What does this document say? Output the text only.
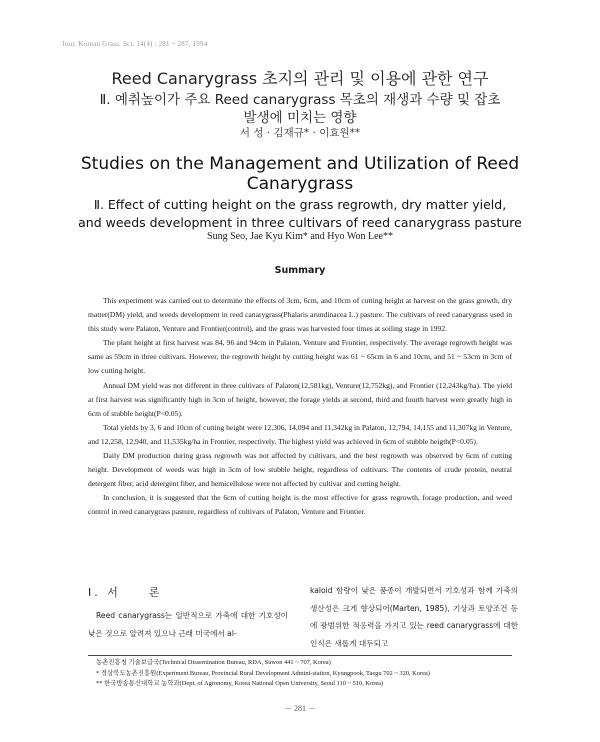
Jour. Korean Grass. Sci. 14(4) : 281 ~ 287, 1994
Reed Canarygrass 초지의 관리 및 이용에 관한 연구
Ⅱ. 예취높이가 주요 Reed canarygrass 목초의 재생과 수량 및 잡초
발생에 미치는 영향
서 성 · 김재규* · 이효원**
Studies on the Management and Utilization of Reed
Canarygrass
Ⅱ. Effect of cutting height on the grass regrowth, dry matter yield,
and weeds development in three cultivars of reed canarygrass pasture
Sung Seo, Jae Kyu Kim* and Hyo Won Lee**
Summary

This experiment was carried out to determine the effects of 3cm, 6cm, and 10cm of cutting height at harvest on the grass growth, dry matter(DM) yield, and weeds development in reed canarygrass(Phalaris arundinacea L.) pasture. The cultivars of reed canarygrass used in this study were Palaton, Venture and Frontier(control), and the grass was harvested four times at soiling stage in 1992.

The plant height at first harvest was 84, 96 and 94cm in Palaton, Venture and Frontier, respectively. The average regrowth height was same as 59cm in three cultivars. However, the regrowth height by cutting height was 61 ~ 65cm in 6 and 10cm, and 51 ~ 53cm in 3cm of low cutting height.

Annual DM yield was not different in three cultivars of Palaton(12,581kg), Venture(12,752kg), and Frontier (12,243kg/ha). The yield at first harvest was significantly high in 3cm of height, however, the forage yields at second, third and fourth harvest were greatly high in 6cm of stubble height(P<0.05).

Total yields by 3, 6 and 10cm of cutting height were 12,306, 14,094 and 11,342kg in Palaton, 12,794, 14,155 and 11,307kg in Venture, and 12,258, 12,940, and 11,535kg/ha in Frontier, respectively. The highest yield was achieved in 6cm of stubble heigth(P<0.05).

Daily DM production during grass regrowth was not affected by cultivars, and the best regrowth was observed by 6cm of cutting height. Development of weeds was high in 3cm of low stubble height, regardless of cultivars. The contents of crude protein, neutral detergent fiber, acid detergent fiber, and hemicellulose were not affected by cultivar and cutting height.

In conclusion, it is suggested that the 6cm of cutting height is the most effective for grass regrowth, forage production, and weed control in reed canarygrass pasture, regardless of cultivars of Palaton, Venture and Frontier.

Ⅰ. 서　　론

Reed canarygrass는 일반적으로 가축에 대한 기호성이 낮은 것으로 알려져 있으나 근래 미국에서 al-

kaloid 함량이 낮은 품종이 개발되면서 기호성과 함께 가축의 생산성은 크게 향상되어(Marten, 1985), 기상과 토양조건 등에 광범위한 적응력을 가지고 있는 reed canarygrass에 대한 인식은 새롭게 대두되고

농촌진흥청 기술보급국(Technical Dissemination Bureau, RDA, Suwon 441 ~ 707, Korea)
* 경상북도농촌진흥원(Experiment Bureau, Provincial Rural Development Admini-station, Kyungpook, Taegu 702 ~ 320, Korea)
** 한국방송통신대학교 농학과(Dept. of Agronomy, Korea National Open University, Seoul 110 ~ 510, Korea)
－ 281 －
